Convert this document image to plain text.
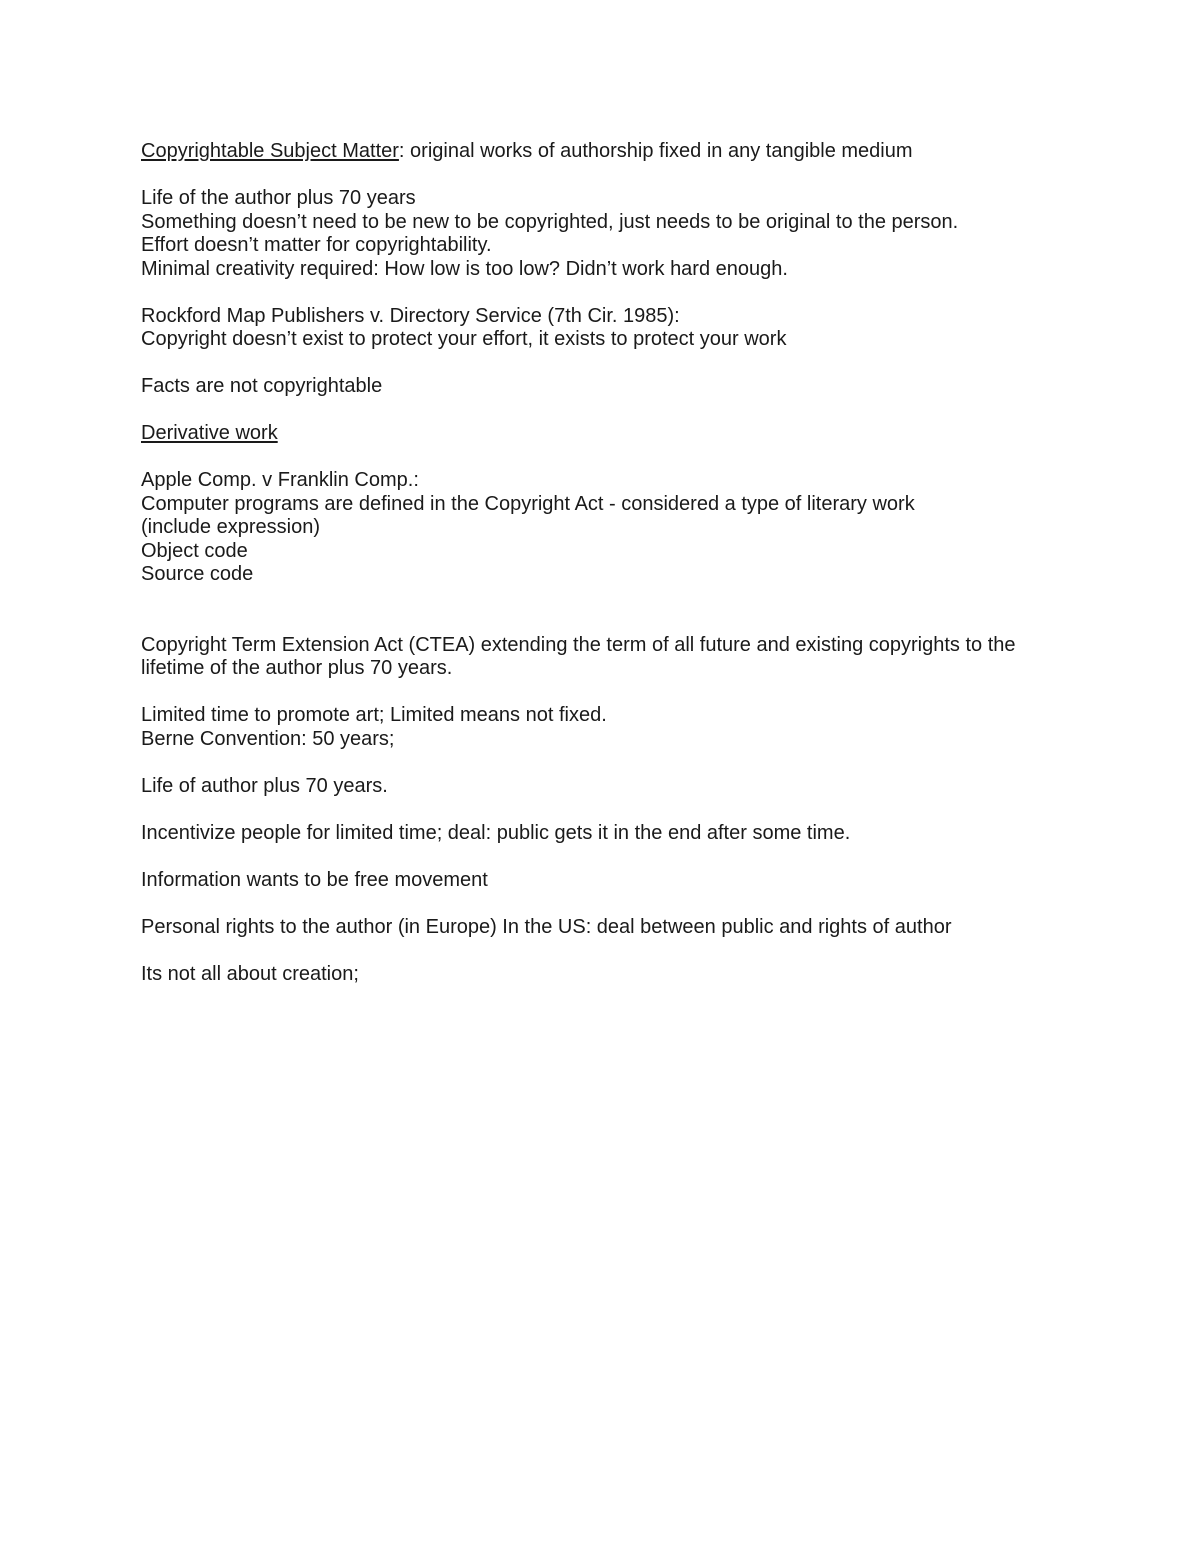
Copyrightable Subject Matter: original works of authorship fixed in any tangible medium

Life of the author plus 70 years

Something doesn’t need to be new to be copyrighted, just needs to be original to the person.

Effort doesn’t matter for copyrightability.

Minimal creativity required: How low is too low? Didn’t work hard enough.

Rockford Map Publishers v. Directory Service (7th Cir. 1985):

Copyright doesn’t exist to protect your effort, it exists to protect your work

Facts are not copyrightable

Derivative work

Apple Comp. v Franklin Comp.:

Computer programs are defined in the Copyright Act - considered a type of literary work

(include expression)

Object code

Source code

Copyright Term Extension Act (CTEA) extending the term of all future and existing copyrights to the lifetime of the author plus 70 years.

Limited time to promote art; Limited means not fixed.

Berne Convention: 50 years;

Life of author plus 70 years.

Incentivize people for limited time; deal: public gets it in the end after some time.

Information wants to be free movement

Personal rights to the author (in Europe) In the US: deal between public and rights of author

Its not all about creation;
